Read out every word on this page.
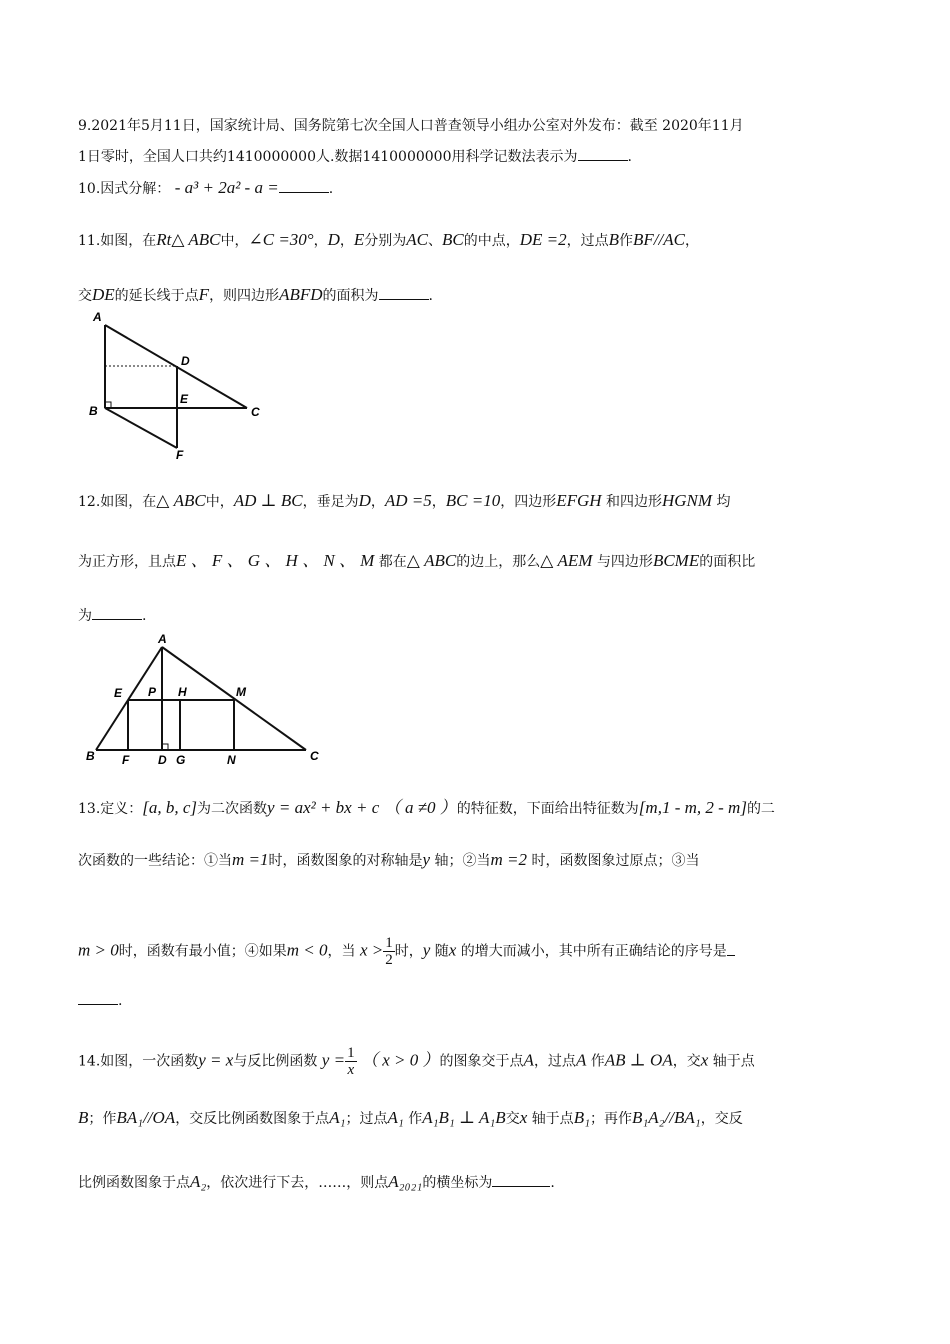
9.2021年5月11日，国家统计局、国务院第七次全国人口普查领导小组办公室对外发布：截至 2020年11月
1日零时，全国人口共约1410000000人.数据1410000000用科学记数法表示为	.
10.因式分解： - a³ + 2a² - a =	.
11.如图，在Rt△ ABC中，∠C =30°，D，E分别为AC、BC的中点，DE =2，过点B作BF//AC，
交DE的延长线于点F，则四边形ABFD的面积为	.
A
B	C
D
E
F
12.如图，在△ ABC中，AD ⊥ BC，垂足为D，AD =5，BC =10，四边形EFGH 和四边形HGNM 均
为正方形，且点E 、 F 、 G 、 H 、 N 、 M 都在△ ABC的边上，那么△ AEM 与四边形BCME的面积比
为	.
A
B	C
D
E
F	G
H	M
N
P
13.定义：[a, b, c]为二次函数y = ax² + bx + c （ a ≠0 ）的特征数，下面给出特征数为[m,1 - m, 2 - m]的二
次函数的一些结论：①当m =1时，函数图象的对称轴是y 轴；②当m =2 时，函数图象过原点；③当
m > 0时，函数有最小值；④如果m < 0，当 $x > \frac{1}{2}$ 时，y 随x 的增大而减小，其中所有正确结论的序号是
.
14.如图，一次函数y = x与反比例函数 $y = \frac{1}{x}$ （ x > 0 ）的图象交于点A，过点A 作AB ⊥ OA，交x 轴于点
B；作BA₁//OA，交反比例函数图象于点A₁；过点A₁ 作A₁B₁ ⊥ A₁B交x 轴于点B₁；再作B₁A₂//BA₁，交反
比例函数图象于点A₂，依次进行下去，……，则点A₂₀₂₁的横坐标为	.
